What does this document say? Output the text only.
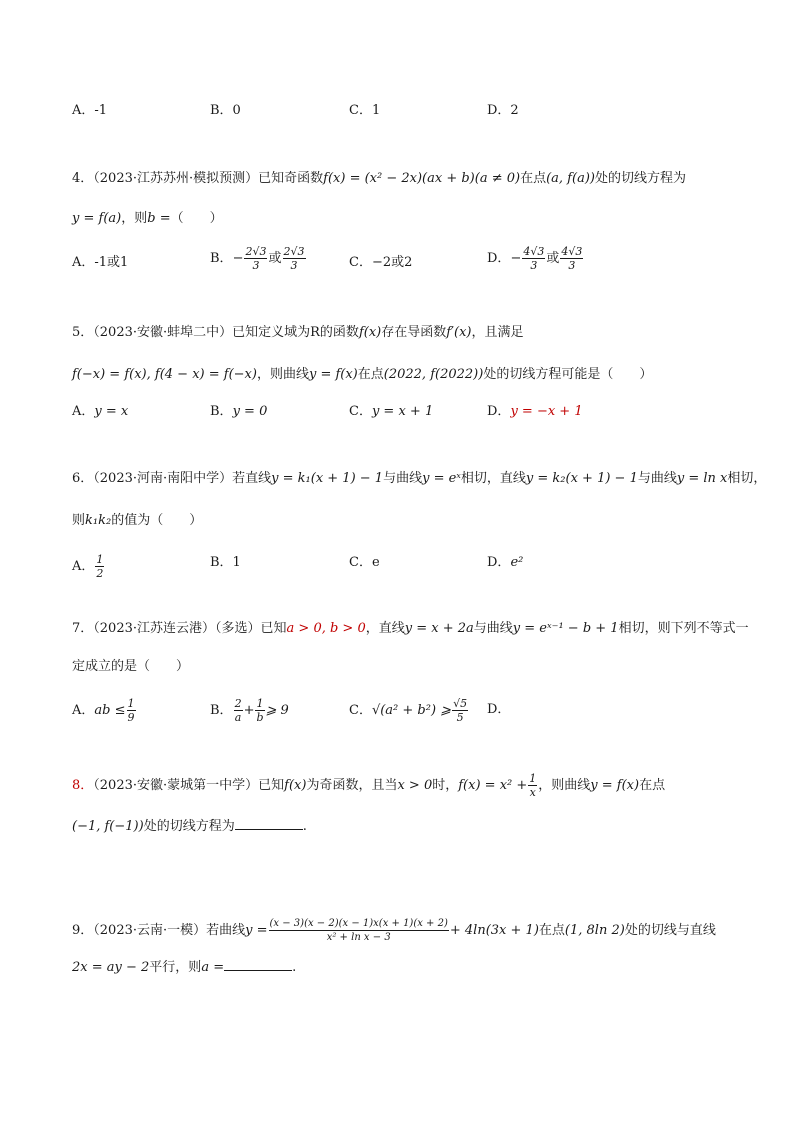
A．-1	B．0	C．1	D．2
4．（2023·江苏苏州·模拟预测）已知奇函数f(x) = (x² − 2x)(ax + b)(a ≠ 0)在点(a, f(a))处的切线方程为
y = f(a)，则b =（　　）
A．-1或1	B．− $\frac{2√3}{3}$ 或 $\frac{2√3}{3}$	C．−2或2	D．− $\frac{4√3}{3}$ 或 $\frac{4√3}{3}$
5．（2023·安徽·蚌埠二中）已知定义域为R的函数f(x)存在导函数f′(x)，且满足
f(−x) = f(x), f(4 − x) = f(−x)，则曲线y = f(x)在点(2022, f(2022))处的切线方程可能是（　　）
A．y = x	B．y = 0	C．y = x + 1	D．y = −x + 1
6．（2023·河南·南阳中学）若直线y = k₁(x + 1) − 1与曲线y = eˣ相切，直线y = k₂(x + 1) − 1与曲线y = ln x相切，
则k₁k₂的值为（　　）
A． $\frac{1}{2}$	B．1	C．e	D．e²
7．（2023·江苏连云港）（多选）已知a > 0, b > 0，直线y = x + 2a与曲线y = eˣ⁻¹ − b + 1相切，则下列不等式一
定成立的是（　　）
A．ab ≤ $\frac{1}{9}$	B． $\frac{2}{a} + \frac{1}{b}$ ⩾ 9	C．√(a² + b²) ⩾ $\frac{√5}{5}$ D．
8．（2023·安徽·蒙城第一中学）已知f(x)为奇函数，且当x > 0时，$f(x) = x^2 + \frac{1}{x}$ ，则曲线y = f(x)在点
(−1, f(−1))处的切线方程为	.
9．（2023·云南·一模）若曲线$y = \frac{(x - 3)(x - 2)(x - 1)x(x + 1)(x + 2)}{\text{x² + ln x − 3}} + 4\ln(3x + 1)$在点(1, 8ln 2)处的切线与直线
2x = ay − 2平行，则a =	.
